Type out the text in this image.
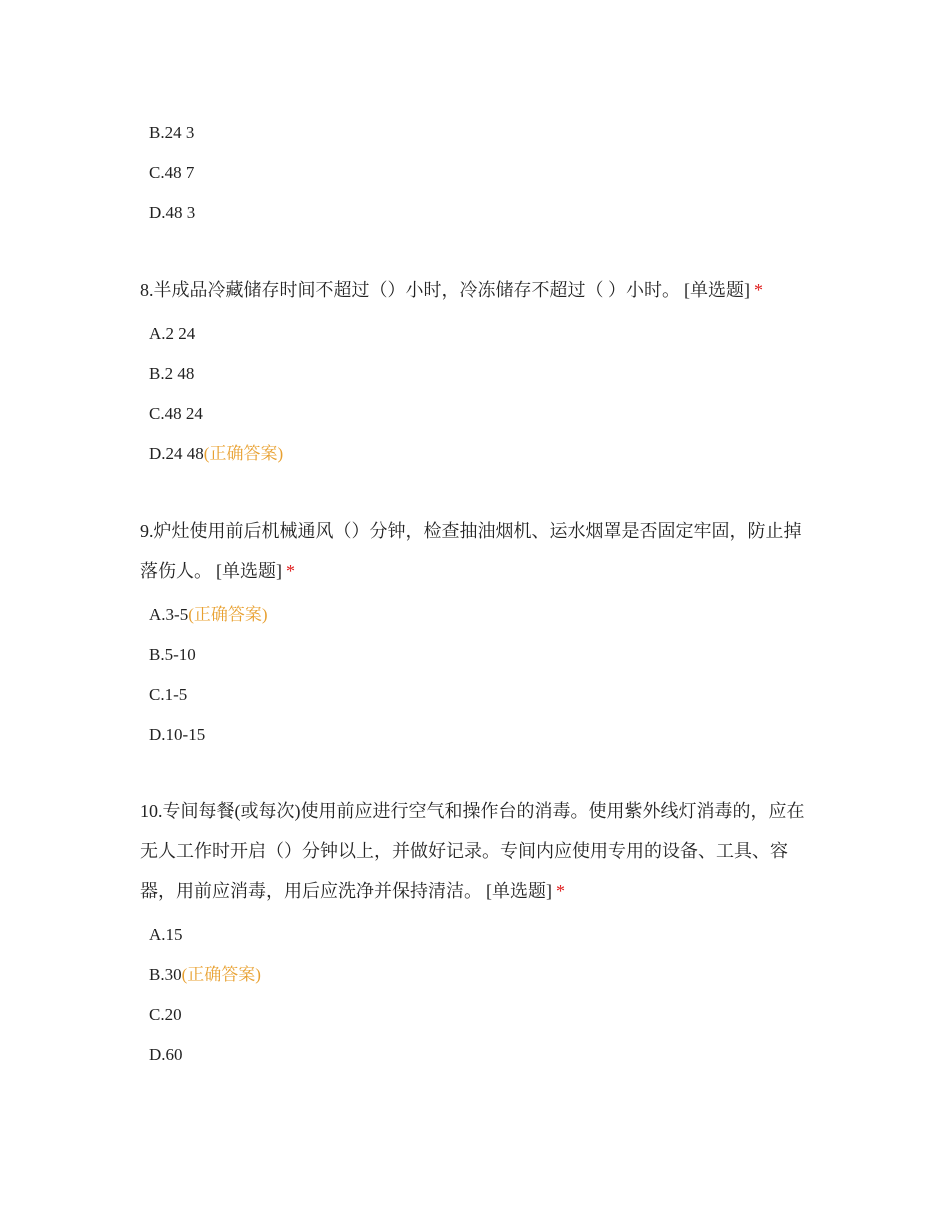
B.24 3
C.48 7
D.48 3

8.半成品冷藏储存时间不超过（）小时，冷冻储存不超过（ ）小时。 [单选题] *

A.2 24
B.2 48
C.48 24
D.24 48(正确答案)

9.炉灶使用前后机械通风（）分钟，检查抽油烟机、运水烟罩是否固定牢固，防止掉落伤人。 [单选题] *

A.3-5(正确答案)
B.5-10
C.1-5
D.10-15

10.专间每餐(或每次)使用前应进行空气和操作台的消毒。使用紫外线灯消毒的，应在无人工作时开启（）分钟以上，并做好记录。专间内应使用专用的设备、工具、容器，用前应消毒，用后应洗净并保持清洁。 [单选题] *

A.15
B.30(正确答案)
C.20
D.60
